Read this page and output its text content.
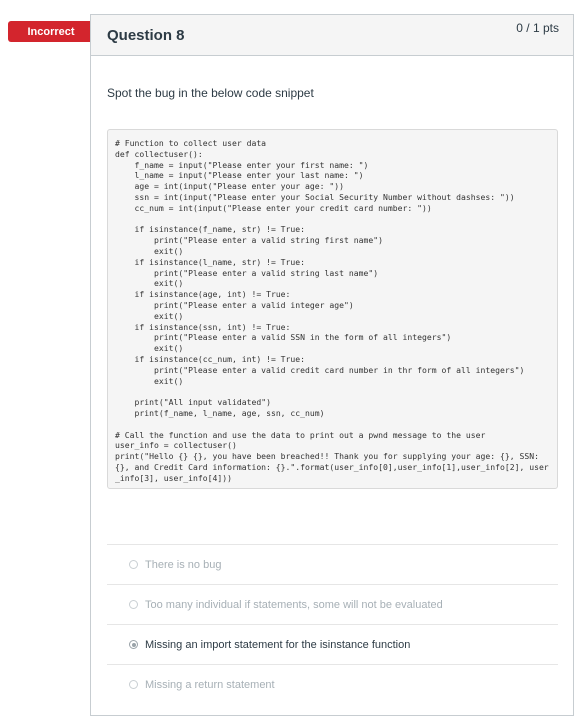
Incorrect	Question 8	0 / 1 pts
Spot the bug in the below code snippet
# Function to collect user data
def collectuser():
f_name = input("Please enter your first name: ")
l_name = input("Please enter your last name: ")
age = int(input("Please enter your age: "))
ssn = int(input("Please enter your Social Security Number without dashses: "))
cc_num = int(input("Please enter your credit card number: "))

if isinstance(f_name, str) != True:
print("Please enter a valid string first name")
exit()
if isinstance(l_name, str) != True:
print("Please enter a valid string last name")
exit()
if isinstance(age, int) != True:
print("Please enter a valid integer age")
exit()
if isinstance(ssn, int) != True:
print("Please enter a valid SSN in the form of all integers")
exit()
if isinstance(cc_num, int) != True:
print("Please enter a valid credit card number in thr form of all integers")
exit()

print("All input validated")
print(f_name, l_name, age, ssn, cc_num)

# Call the function and use the data to print out a pwnd message to the user
user_info = collectuser()
print("Hello {} {}, you have been breached!! Thank you for supplying your age: {}, SSN: {}, and Credit Card information: {}.".format(user_info[0],user_info[1],user_info[2], user_info[3], user_info[4]))
There is no bug
Too many individual if statements, some will not be evaluated
Missing an import statement for the isinstance function
Missing a return statement
